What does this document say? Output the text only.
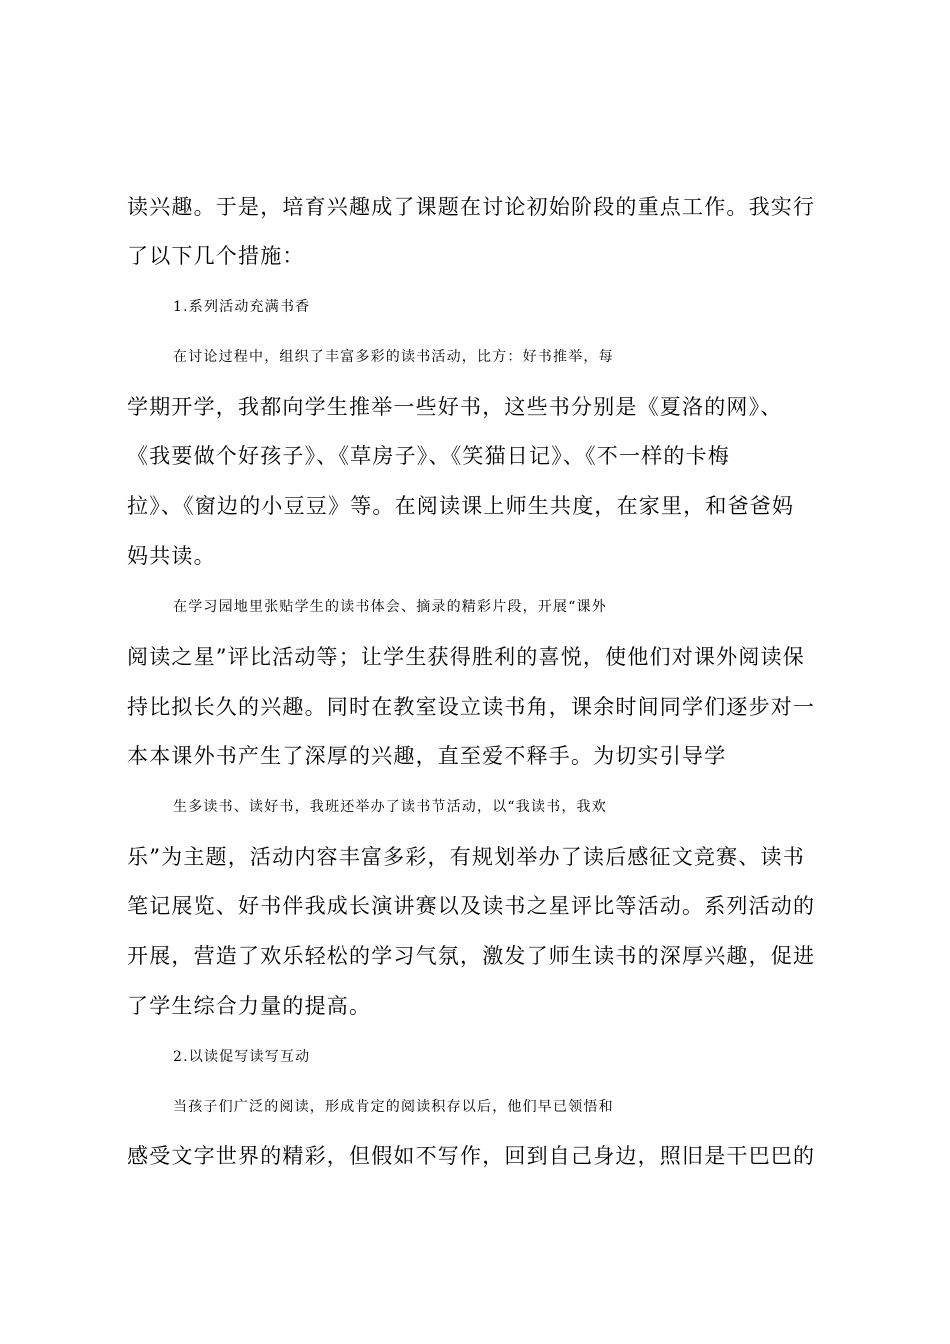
读兴趣。于是，培育兴趣成了课题在讨论初始阶段的重点工作。我实行
了以下几个措施：
1.系列活动充满书香
在讨论过程中，组织了丰富多彩的读书活动，比方：好书推举，每
学期开学，我都向学生推举一些好书，这些书分别是《夏洛的网》、
《我要做个好孩子》、《草房子》、《笑猫日记》、《不一样的卡梅
拉》、《窗边的小豆豆》等。在阅读课上师生共度，在家里，和爸爸妈
妈共读。
在学习园地里张贴学生的读书体会、摘录的精彩片段，开展“课外
阅读之星”评比活动等；让学生获得胜利的喜悦，使他们对课外阅读保
持比拟长久的兴趣。同时在教室设立读书角，课余时间同学们逐步对一
本本课外书产生了深厚的兴趣，直至爱不释手。为切实引导学
生多读书、读好书，我班还举办了读书节活动，以“我读书，我欢
乐”为主题，活动内容丰富多彩，有规划举办了读后感征文竞赛、读书
笔记展览、好书伴我成长演讲赛以及读书之星评比等活动。系列活动的
开展，营造了欢乐轻松的学习气氛，激发了师生读书的深厚兴趣，促进
了学生综合力量的提高。
2.以读促写读写互动
当孩子们广泛的阅读，形成肯定的阅读积存以后，他们早已领悟和
感受文字世界的精彩，但假如不写作，回到自己身边，照旧是干巴巴的
